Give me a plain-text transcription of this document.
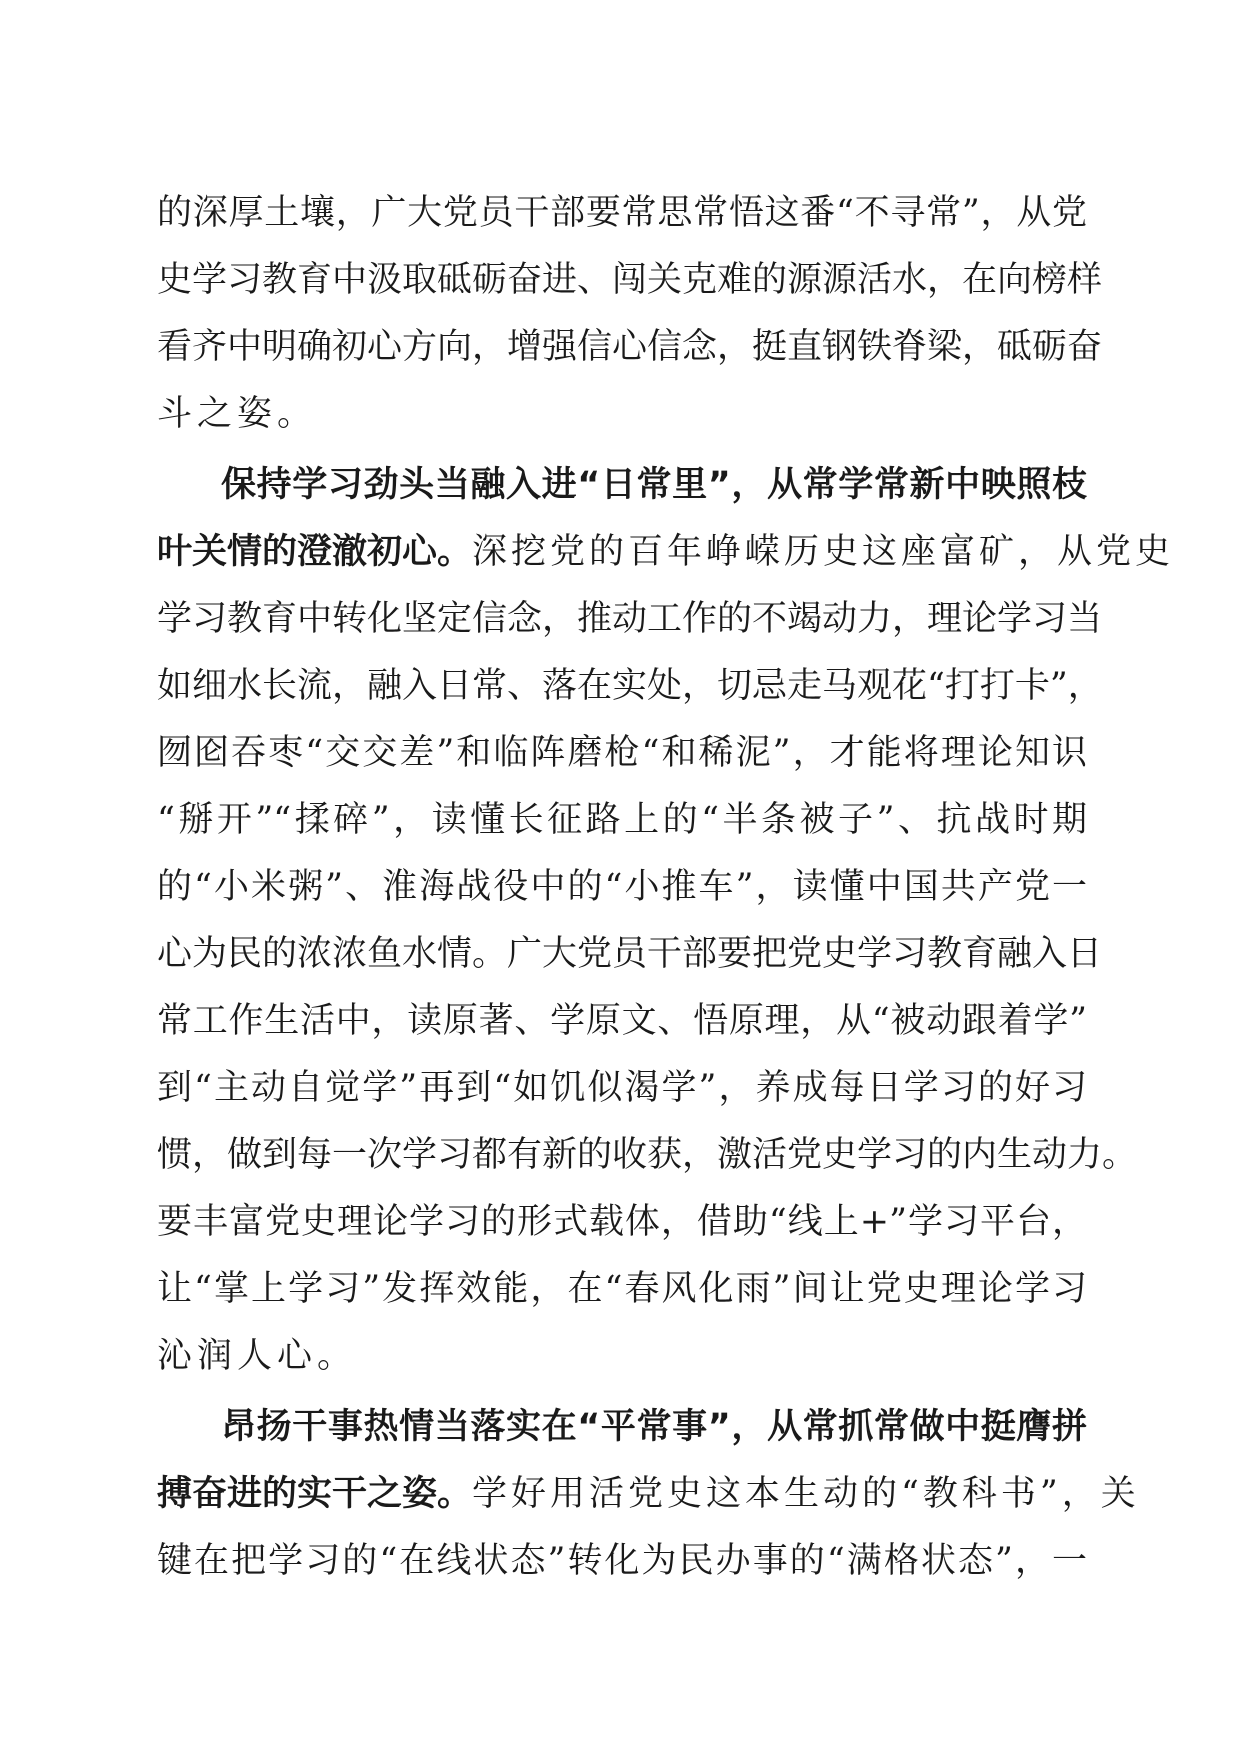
的深厚土壤，广大党员干部要常思常悟这番“不寻常”，从党
史学习教育中汲取砥砺奋进、闯关克难的源源活水，在向榜样
看齐中明确初心方向，增强信心信念，挺直钢铁脊梁，砥砺奋
斗之姿。
保持学习劲头当融入进“日常里”，从常学常新中映照枝
叶关情的澄澈初心。深挖党的百年峥嵘历史这座富矿，从党史
学习教育中转化坚定信念，推动工作的不竭动力，理论学习当
如细水长流，融入日常、落在实处，切忌走马观花“打打卡”，
囫囵吞枣“交交差”和临阵磨枪“和稀泥”，才能将理论知识
“掰开”“揉碎”，读懂长征路上的“半条被子”、抗战时期
的“小米粥”、淮海战役中的“小推车”，读懂中国共产党一
心为民的浓浓鱼水情。广大党员干部要把党史学习教育融入日
常工作生活中，读原著、学原文、悟原理，从“被动跟着学”
到“主动自觉学”再到“如饥似渴学”，养成每日学习的好习
惯，做到每一次学习都有新的收获，激活党史学习的内生动力。
要丰富党史理论学习的形式载体，借助“线上+”学习平台，
让“掌上学习”发挥效能，在“春风化雨”间让党史理论学习
沁润人心。
昂扬干事热情当落实在“平常事”，从常抓常做中挺膺拼
搏奋进的实干之姿。学好用活党史这本生动的“教科书”，关
键在把学习的“在线状态”转化为民办事的“满格状态”，一
